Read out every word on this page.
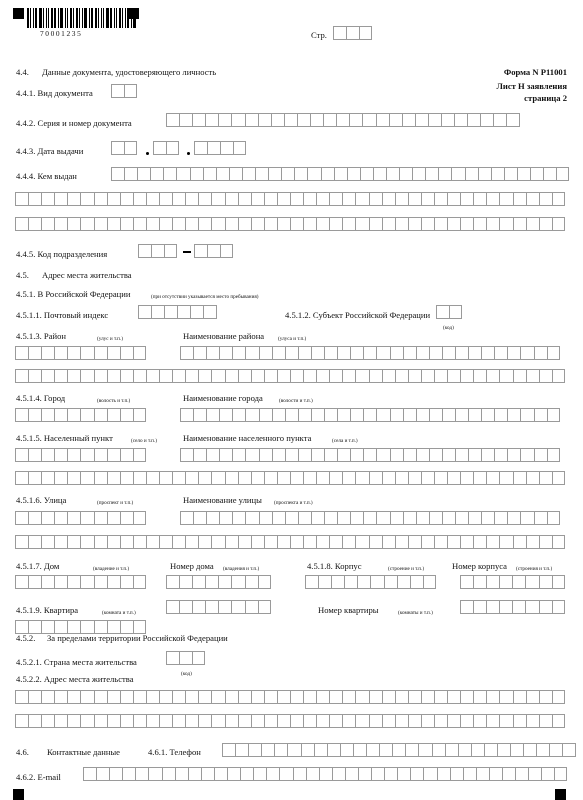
70001235	Стр.
Форма N Р11001
Лист Н заявления
страница 2
4.4. Данные документа, удостоверяющего личность
4.4.1. Вид документа
4.4.2. Серия и номер документа
4.4.3. Дата выдачи
4.4.4. Кем выдан
4.4.5. Код подразделения
4.5. Адрес места жительства
4.5.1. В Российской Федерации	(при отсутствии указывается место пребывания)
4.5.1.1. Почтовый индекс	4.5.1.2. Субъект Российской Федерации
(код)
4.5.1.3. Район	(улус и т.п.)	Наименование района	(улуса и т.п.)
4.5.1.4. Город	(волость и т.п.)	Наименование города	(волости и т.п.)
4.5.1.5. Населенный пункт	(село и т.п.)	Наименование населенного пункта	(села и т.п.)
4.5.1.6. Улица	(проспект и т.п.)	Наименование улицы (проспекта и т.п.)
4.5.1.7. Дом	(владение и т.п.)	Номер дома (владения и т.п.)	4.5.1.8. Корпус	(строение и т.п.)	Номер корпуса (строения и т.п.)
4.5.1.9. Квартира	(комната и т.п.)	Номер квартиры	(комнаты и т.п.)
4.5.2. За пределами территории Российской Федерации
4.5.2.1. Страна места жительства
(код)
4.5.2.2. Адрес места жительства
4.6. Контактные данные	4.6.1. Телефон
4.6.2. E-mail
